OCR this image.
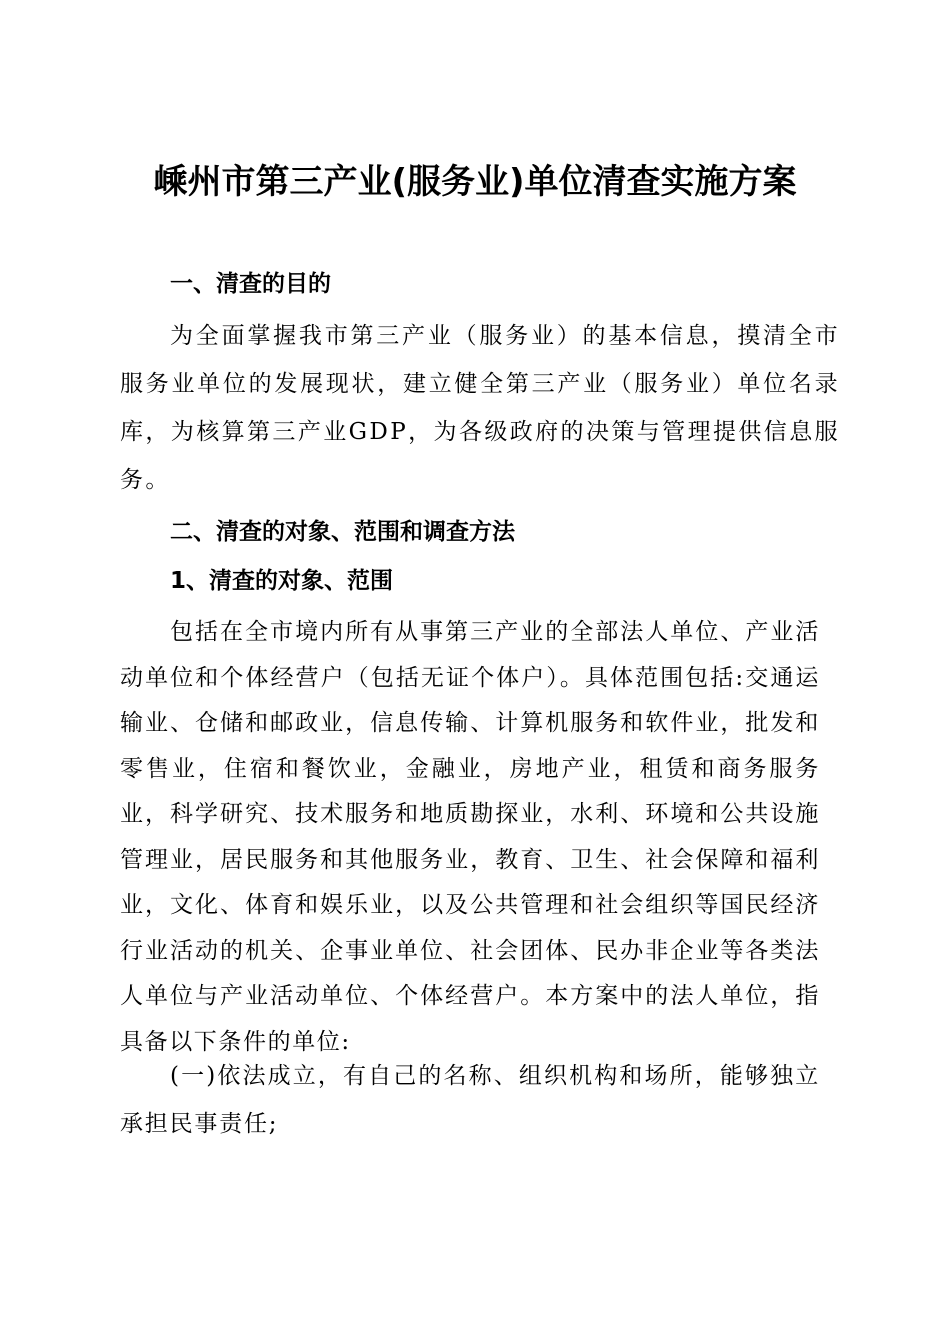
嵊州市第三产业(服务业)单位清查实施方案
一、清查的目的

为全面掌握我市第三产业（服务业）的基本信息，摸清全市服务业单位的发展现状，建立健全第三产业（服务业）单位名录库，为核算第三产业GDP，为各级政府的决策与管理提供信息服务。

二、清查的对象、范围和调查方法
1、清查的对象、范围

包括在全市境内所有从事第三产业的全部法人单位、产业活动单位和个体经营户（包括无证个体户）。具体范围包括:交通运输业、仓储和邮政业，信息传输、计算机服务和软件业，批发和零售业，住宿和餐饮业，金融业，房地产业，租赁和商务服务业，科学研究、技术服务和地质勘探业，水利、环境和公共设施管理业，居民服务和其他服务业，教育、卫生、社会保障和福利业，文化、体育和娱乐业，以及公共管理和社会组织等国民经济行业活动的机关、企事业单位、社会团体、民办非企业等各类法人单位与产业活动单位、个体经营户。本方案中的法人单位，指具备以下条件的单位:

(一)依法成立，有自己的名称、组织机构和场所，能够独立承担民事责任;
